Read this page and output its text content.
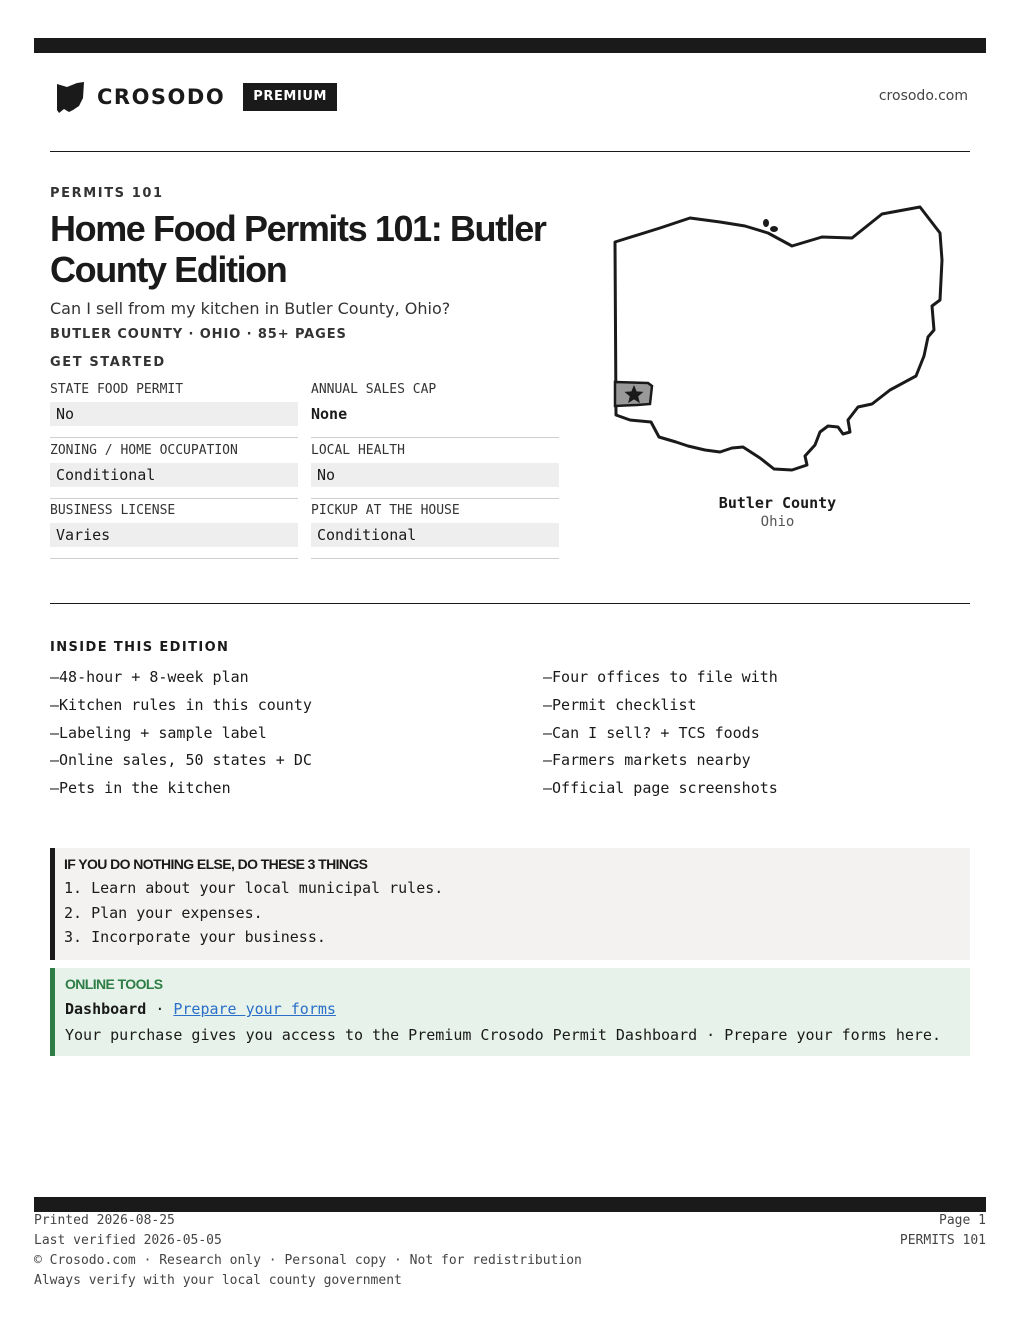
CROSODO	PREMIUM	crosodo.com
PERMITS 101
Home Food Permits 101: Butler County Edition
Can I sell from my kitchen in Butler County, Ohio?
BUTLER COUNTY · OHIO · 85+ PAGES
GET STARTED
STATE FOOD PERMIT
No
ANNUAL SALES CAP
None
ZONING / HOME OCCUPATION
Conditional
LOCAL HEALTH
No
BUSINESS LICENSE
Varies
PICKUP AT THE HOUSE
Conditional
Butler County
Ohio
INSIDE THIS EDITION
—48-hour + 8-week plan
—Kitchen rules in this county
—Labeling + sample label
—Online sales, 50 states + DC
—Pets in the kitchen
—Four offices to file with
—Permit checklist
—Can I sell? + TCS foods
—Farmers markets nearby
—Official page screenshots
IF YOU DO NOTHING ELSE, DO THESE 3 THINGS
1. Learn about your local municipal rules.
2. Plan your expenses.
3. Incorporate your business.
ONLINE TOOLS
Dashboard · Prepare your forms
Your purchase gives you access to the Premium Crosodo Permit Dashboard · Prepare your forms here.
Printed 2026-08-25
Last verified 2026-05-05
© Crosodo.com · Research only · Personal copy · Not for redistribution
Always verify with your local county government
Page 1
PERMITS 101
